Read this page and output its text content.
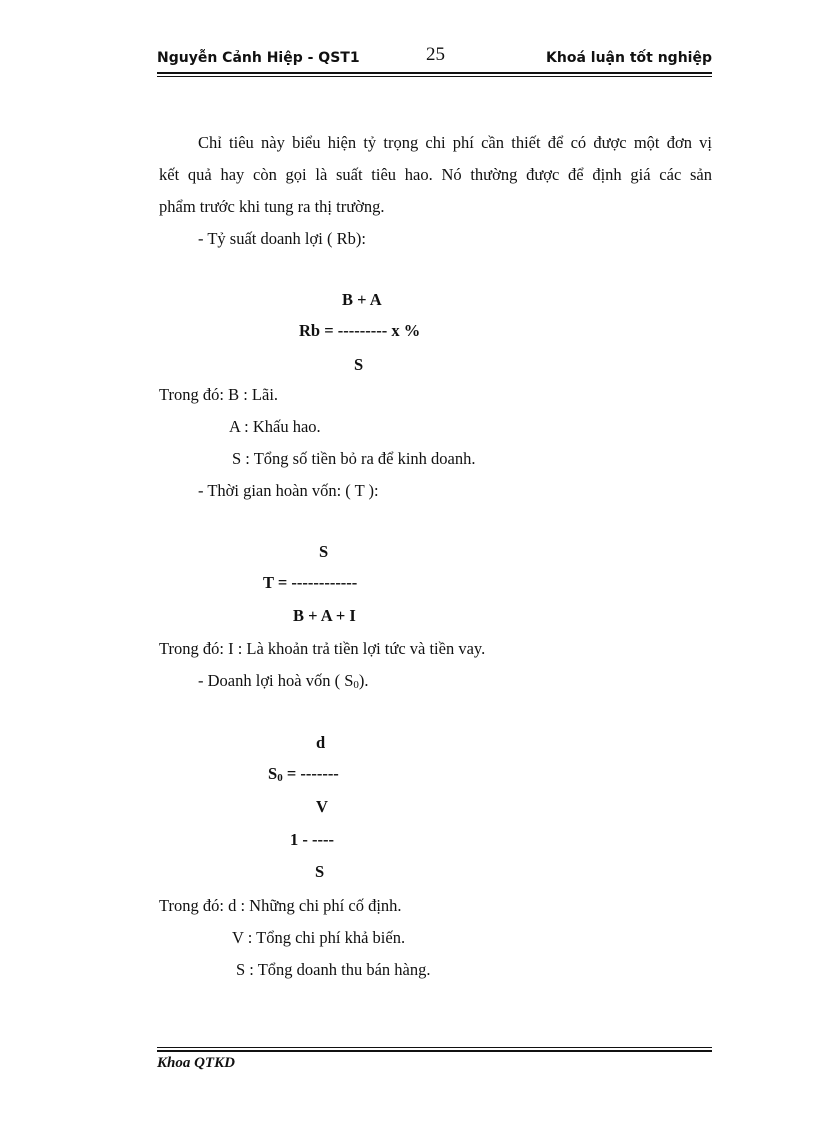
Nguyễn Cảnh Hiệp - QST1	25	Khoá luận tốt nghiệp
Chỉ tiêu này biểu hiện tỷ trọng chi phí cần thiết để có được một đơn vị
kết quả hay còn gọi là suất tiêu hao. Nó thường được để định giá các sản
phẩm trước khi tung ra thị trường.
- Tỷ suất doanh lợi ( Rb):
B + A
Rb = --------- x %
S
Trong đó: B : Lãi.
A : Khấu hao.
S : Tổng số tiền bỏ ra để kinh doanh.
- Thời gian hoàn vốn: ( T ):
S
T = ------------
B + A + I
Trong đó: I : Là khoản trả tiền lợi tức và tiền vay.
- Doanh lợi hoà vốn ( $S_0$).
d
$S_0$ = -------
V
1 - ----
S
Trong đó: d : Những chi phí cố định.
V : Tổng chi phí khả biến.
S : Tổng doanh thu bán hàng.
Khoa QTKD
